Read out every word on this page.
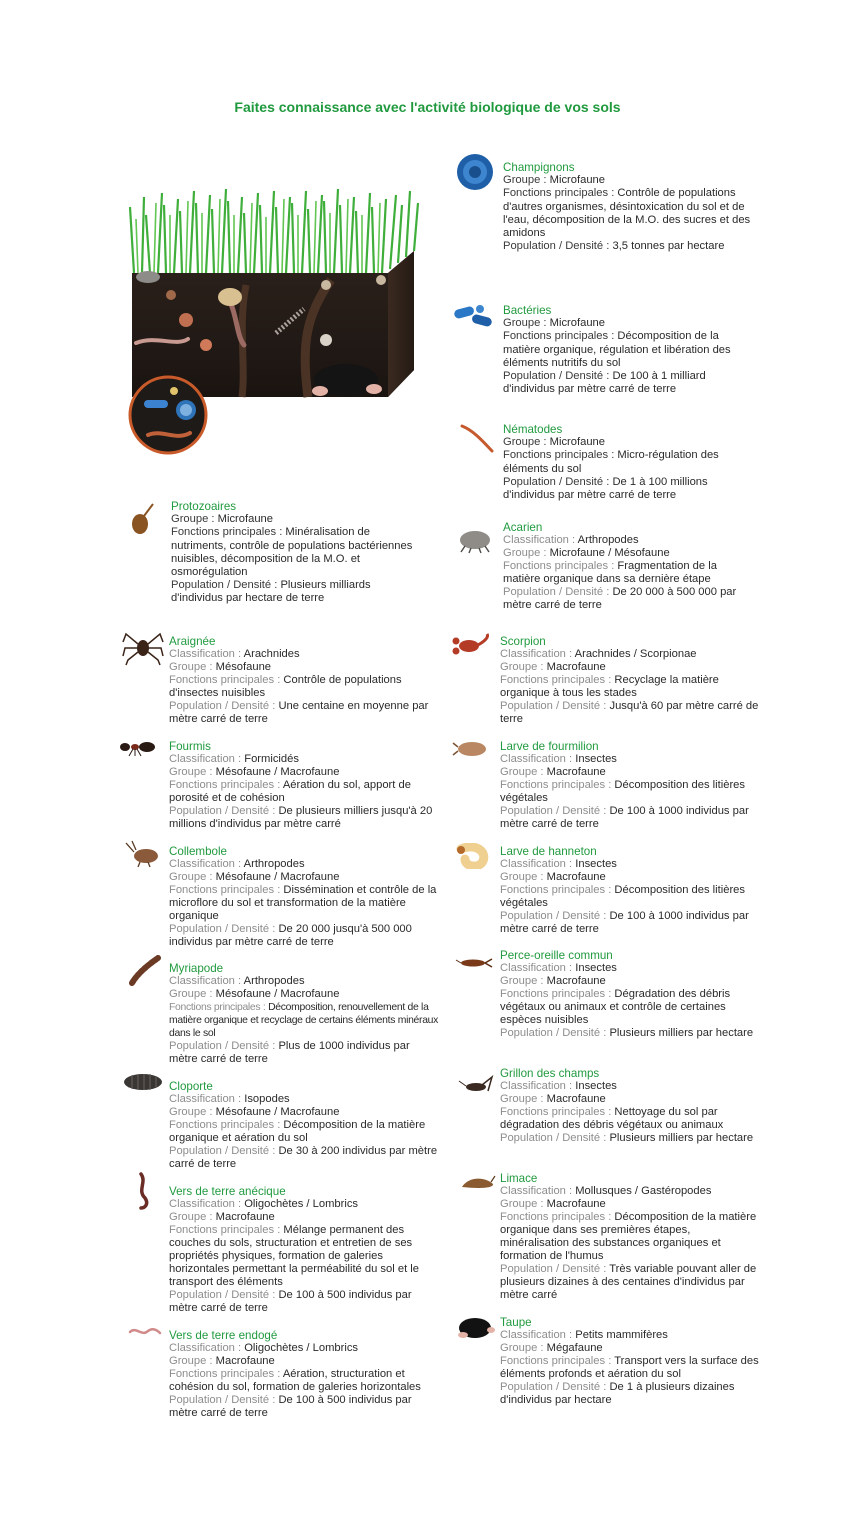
Faites connaissance avec l'activité biologique de vos sols
Champignons
Groupe : Microfaune
Fonctions principales : Contrôle de populations d'autres organismes, désintoxication du sol et de l'eau, décomposition de la M.O. des sucres et des amidons
Population / Densité : 3,5 tonnes par hectare
Bactéries
Groupe : Microfaune
Fonctions principales : Décomposition de la matière organique, régulation et libération des éléments nutritifs du sol
Population / Densité : De 100 à 1 milliard d'individus par mètre carré de terre
Nématodes
Groupe : Microfaune
Fonctions principales : Micro-régulation des éléments du sol
Population / Densité : De 1 à 100 millions d'individus par mètre carré de terre
Protozoaires
Groupe : Microfaune
Fonctions principales : Minéralisation de nutriments, contrôle de populations bactériennes nuisibles, décomposition de la M.O. et osmorégulation
Population / Densité : Plusieurs milliards d'individus par hectare de terre
Acarien
Classification : Arthropodes
Groupe : Microfaune / Mésofaune
Fonctions principales : Fragmentation de la matière organique dans sa dernière étape
Population / Densité : De 20 000 à 500 000 par mètre carré de terre
Araignée
Classification : Arachnides
Groupe : Mésofaune
Fonctions principales : Contrôle de populations d'insectes nuisibles
Population / Densité : Une centaine en moyenne par mètre carré de terre
Fourmis
Classification : Formicidés
Groupe : Mésofaune / Macrofaune
Fonctions principales : Aération du sol, apport de porosité et de cohésion
Population / Densité : De plusieurs milliers jusqu'à 20 millions d'individus par mètre carré
Collembole
Classification : Arthropodes
Groupe : Mésofaune / Macrofaune
Fonctions principales : Dissémination et contrôle de la microflore du sol et transformation de la matière organique
Population / Densité : De 20 000 jusqu'à 500 000 individus par mètre carré de terre
Myriapode
Classification : Arthropodes
Groupe : Mésofaune / Macrofaune
Fonctions principales : Décomposition, renouvellement de la matière organique et recyclage de certains éléments minéraux dans le sol
Population / Densité : Plus de 1000 individus par mètre carré de terre
Cloporte
Classification : Isopodes
Groupe : Mésofaune / Macrofaune
Fonctions principales : Décomposition de la matière organique et aération du sol
Population / Densité : De 30 à 200 individus par mètre carré de terre
Vers de terre anécique
Classification : Oligochètes / Lombrics
Groupe : Macrofaune
Fonctions principales : Mélange permanent des couches du sols, structuration et entretien de ses propriétés physiques, formation de galeries horizontales permettant la perméabilité du sol et le transport des éléments
Population / Densité : De 100 à 500 individus par mètre carré de terre
Vers de terre endogé
Classification : Oligochètes / Lombrics
Groupe : Macrofaune
Fonctions principales : Aération, structuration et cohésion du sol, formation de galeries horizontales
Population / Densité : De 100 à 500 individus par mètre carré de terre
Scorpion
Classification : Arachnides / Scorpionae
Groupe : Macrofaune
Fonctions principales : Recyclage la matière organique à tous les stades
Population / Densité : Jusqu'à 60 par mètre carré de terre
Larve de fourmilion
Classification : Insectes
Groupe : Macrofaune
Fonctions principales : Décomposition des litières végétales
Population / Densité : De 100 à 1000 individus par mètre carré de terre
Larve de hanneton
Classification : Insectes
Groupe : Macrofaune
Fonctions principales : Décomposition des litières végétales
Population / Densité : De 100 à 1000 individus par mètre carré de terre
Perce-oreille commun
Classification : Insectes
Groupe : Macrofaune
Fonctions principales : Dégradation des débris végétaux ou animaux et contrôle de certaines espèces nuisibles
Population / Densité : Plusieurs milliers par hectare
Grillon des champs
Classification : Insectes
Groupe : Macrofaune
Fonctions principales : Nettoyage du sol par dégradation des débris végétaux ou animaux
Population / Densité : Plusieurs milliers par hectare
Limace
Classification : Mollusques / Gastéropodes
Groupe : Macrofaune
Fonctions principales : Décomposition de la matière organique dans ses premières étapes, minéralisation des substances organiques et formation de l'humus
Population / Densité : Très variable pouvant aller de plusieurs dizaines à des centaines d'individus par mètre carré
Taupe
Classification : Petits mammifères
Groupe : Mégafaune
Fonctions principales : Transport vers la surface des éléments profonds et aération du sol
Population / Densité : De 1 à plusieurs dizaines d'individus par hectare
